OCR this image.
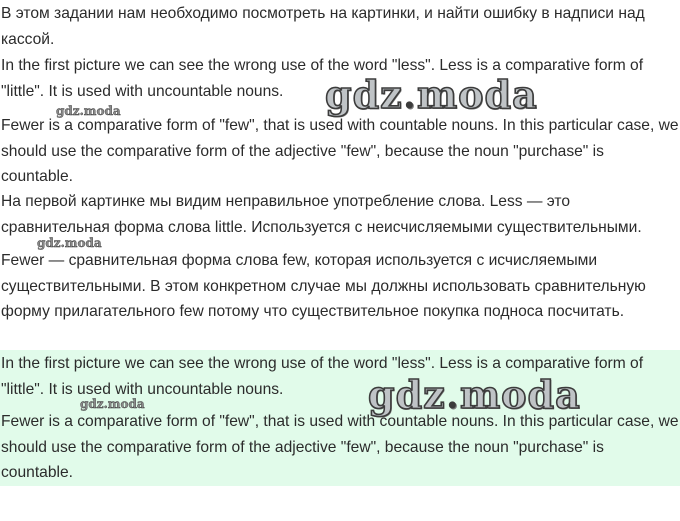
В этом задании нам необходимо посмотреть на картинки, и найти ошибку в надписи над кассой.

In the first picture we can see the wrong use of the word "less". Less is a comparative form of "little". It is used with uncountable nouns.

Fewer is a comparative form of "few", that is used with countable nouns. In this particular case, we should use the comparative form of the adjective "few", because the noun "purchase" is countable.

На первой картинке мы видим неправильное употребление слова. Less — это сравнительная форма слова little. Используется с неисчисляемыми существительными.

Fewer — сравнительная форма слова few, которая используется с исчисляемыми существительными. В этом конкретном случае мы должны использовать сравнительную форму прилагательного few потому что существительное покупка подноса посчитать.

In the first picture we can see the wrong use of the word "less". Less is a comparative form of "little". It is used with uncountable nouns.

Fewer is a comparative form of "few", that is used with countable nouns. In this particular case, we should use the comparative form of the adjective "few", because the noun "purchase" is countable.

gdz.moda
gdz.moda
gdz.moda
gdz.moda
gdz.moda
